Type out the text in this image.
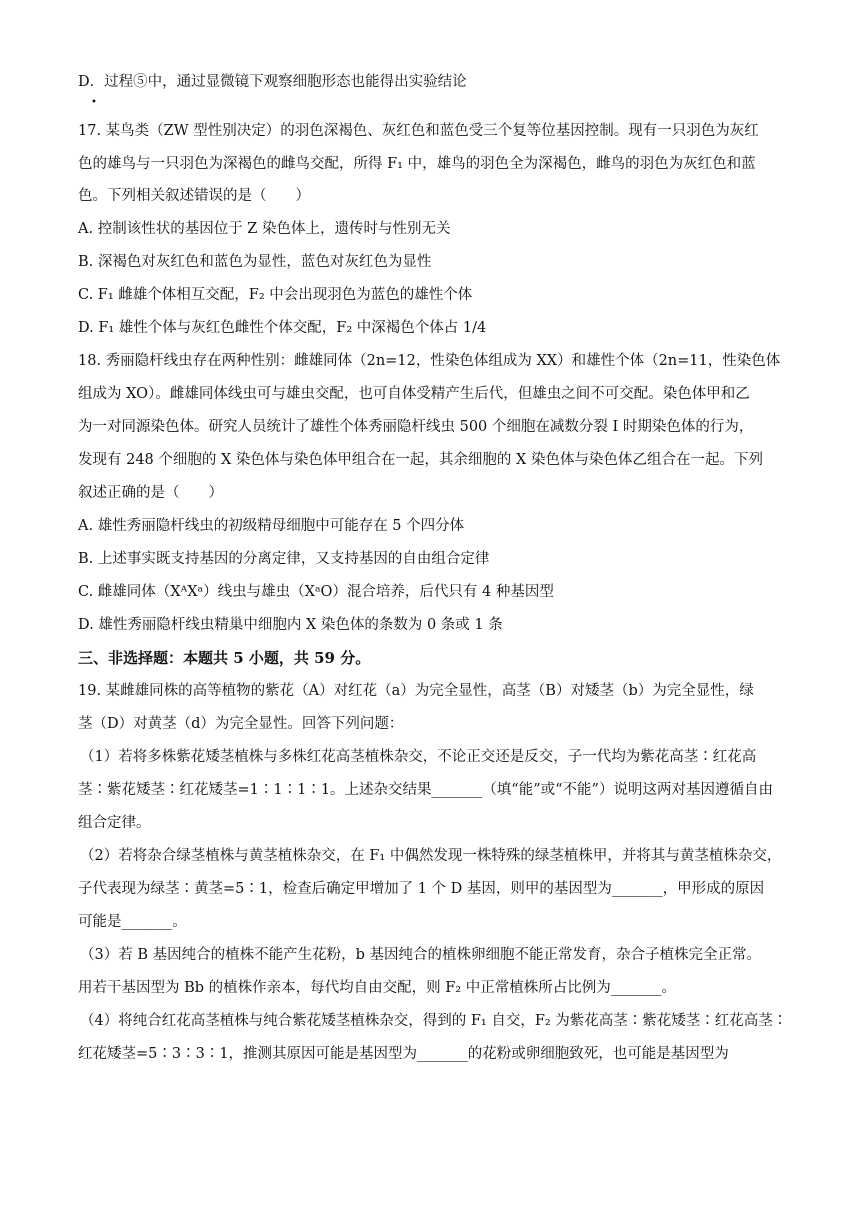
D．过程⑤中，通过显微镜下观察细胞形态也能得出实验结论
•
17. 某鸟类（ZW 型性别决定）的羽色深褐色、灰红色和蓝色受三个复等位基因控制。现有一只羽色为灰红
色的雄鸟与一只羽色为深褐色的雌鸟交配，所得 F₁ 中，雄鸟的羽色全为深褐色，雌鸟的羽色为灰红色和蓝
色。下列相关叙述错误的是（　　）
A. 控制该性状的基因位于 Z 染色体上，遗传时与性别无关
B. 深褐色对灰红色和蓝色为显性，蓝色对灰红色为显性
C. F₁ 雌雄个体相互交配，F₂ 中会出现羽色为蓝色的雄性个体
D. F₁ 雄性个体与灰红色雌性个体交配，F₂ 中深褐色个体占 1/4
18. 秀丽隐杆线虫存在两种性别：雌雄同体（2n=12，性染色体组成为 XX）和雄性个体（2n=11，性染色体
组成为 XO）。雌雄同体线虫可与雄虫交配，也可自体受精产生后代，但雄虫之间不可交配。染色体甲和乙
为一对同源染色体。研究人员统计了雄性个体秀丽隐杆线虫 500 个细胞在减数分裂 Ⅰ 时期染色体的行为，
发现有 248 个细胞的 X 染色体与染色体甲组合在一起，其余细胞的 X 染色体与染色体乙组合在一起。下列
叙述正确的是（　　）
A. 雄性秀丽隐杆线虫的初级精母细胞中可能存在 5 个四分体
B. 上述事实既支持基因的分离定律，又支持基因的自由组合定律
C. 雌雄同体（XᴬXᵃ）线虫与雄虫（XᵃO）混合培养，后代只有 4 种基因型
D. 雄性秀丽隐杆线虫精巢中细胞内 X 染色体的条数为 0 条或 1 条
三、非选择题：本题共 5 小题，共 59 分。
19. 某雌雄同株的高等植物的紫花（A）对红花（a）为完全显性，高茎（B）对矮茎（b）为完全显性，绿
茎（D）对黄茎（d）为完全显性。回答下列问题：
（1）若将多株紫花矮茎植株与多株红花高茎植株杂交，不论正交还是反交，子一代均为紫花高茎∶红花高
茎∶紫花矮茎∶红花矮茎=1∶1∶1∶1。上述杂交结果_______（填“能”或“不能”）说明这两对基因遵循自由
组合定律。
（2）若将杂合绿茎植株与黄茎植株杂交，在 F₁ 中偶然发现一株特殊的绿茎植株甲，并将其与黄茎植株杂交，
子代表现为绿茎∶黄茎=5∶1，检查后确定甲增加了 1 个 D 基因，则甲的基因型为_______，甲形成的原因
可能是_______。
（3）若 B 基因纯合的植株不能产生花粉，b 基因纯合的植株卵细胞不能正常发育，杂合子植株完全正常。
用若干基因型为 Bb 的植株作亲本，每代均自由交配，则 F₂ 中正常植株所占比例为_______。
（4）将纯合红花高茎植株与纯合紫花矮茎植株杂交，得到的 F₁ 自交，F₂ 为紫花高茎∶紫花矮茎∶红花高茎∶
红花矮茎=5∶3∶3∶1，推测其原因可能是基因型为_______的花粉或卵细胞致死，也可能是基因型为
